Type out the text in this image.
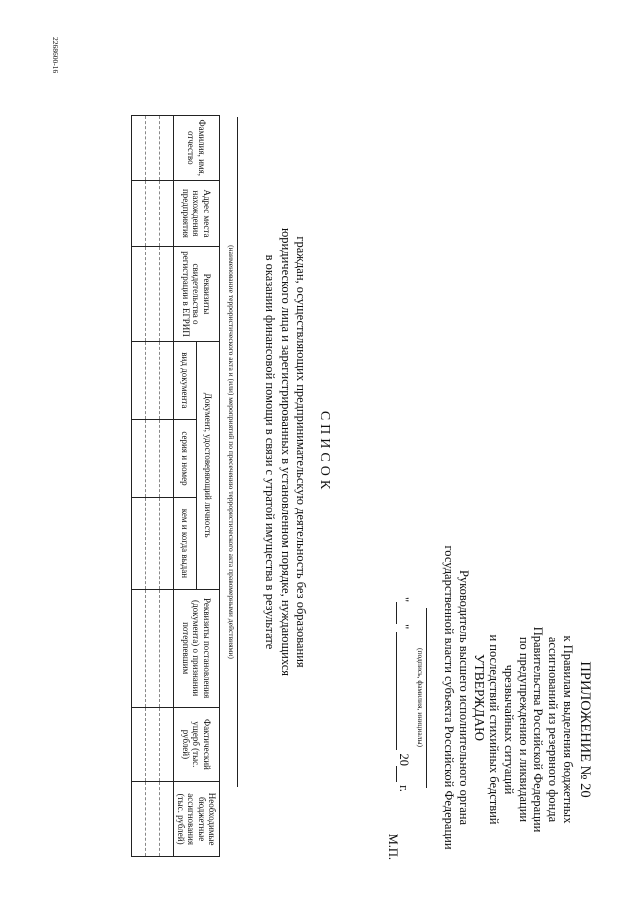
ПРИЛОЖЕНИЕ № 20
к Правилам выделения бюджетных
ассигнований из резервного фонда
Правительства Российской Федерации
по предупреждению и ликвидации
чрезвычайных ситуаций
и последствий стихийных бедствий
УТВЕРЖДАЮ
Руководитель высшего исполнительного органа
государственной власти субъекта Российской Федерации
(подпись, фамилия, инициалы)
" "   20  г.
М.П.
СПИСОК
граждан, осуществляющих предпринимательскую деятельность без образования
юридического лица и зарегистрированных в установленном порядке, нуждающихся
в оказании финансовой помощи в связи с утратой имущества в результате
(наименование террористического акта и (или) мероприятий по пресечению террористического акта правомерными действиями)
Фамилия, имя, отчество	Адрес места нахождения предприятия	Реквизиты свидетельства о регистрации в ЕГРИП	Документ, удостоверяющий личность			Реквизиты постановления (документа) о признании потерпевшим	Фактический ущерб (тыс. рублей)	Необходимые бюджетные ассигнования (тыс. рублей)
			вид документа	серия и номер	кем и когда выдан			

2268600-16
